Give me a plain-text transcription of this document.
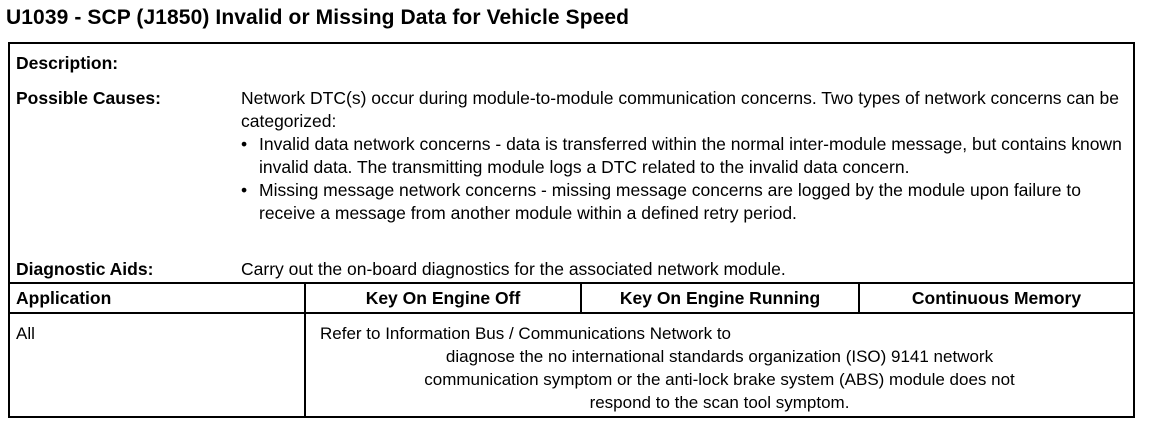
U1039 - SCP (J1850) Invalid or Missing Data for Vehicle Speed
Description:
Possible Causes:	Network DTC(s) occur during module-to-module communication concerns. Two types of network concerns can be categorized:
• Invalid data network concerns - data is transferred within the normal inter-module message, but contains known invalid data. The transmitting module logs a DTC related to the invalid data concern.
• Missing message network concerns - missing message concerns are logged by the module upon failure to receive a message from another module within a defined retry period.
Diagnostic Aids:	Carry out the on-board diagnostics for the associated network module.
Application	Key On Engine Off	Key On Engine Running	Continuous Memory
All	Refer to Information Bus / Communications Network to
diagnose the no international standards organization (ISO) 9141 network
communication symptom or the anti-lock brake system (ABS) module does not
respond to the scan tool symptom.
